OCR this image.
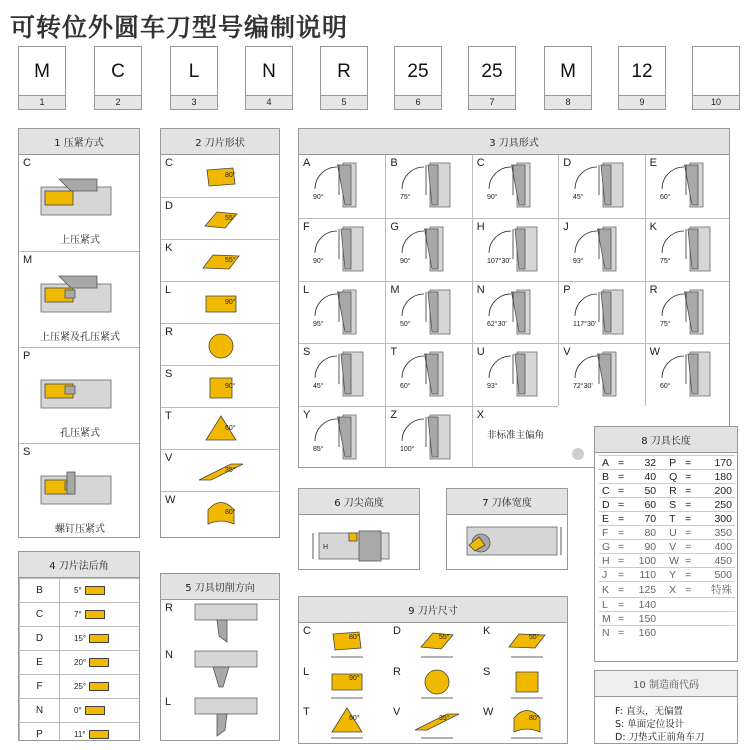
可转位外圆车刀型号编制说明
M
1
C
2
L
3
N
4
R
5
25
6
25
7
M
8
12
9	10
1 压紧方式
C
上压紧式
M
上压紧及孔压紧式
P
孔压紧式
S
螺钉压紧式
2 刀片形状
C
80°
D
55°
K
55°
L
90°
R
S
90°
T
60°
V
35°
W
80°
3 刀具形式
A
90°
B
75°
C
90°
D
45°
E
60°
F
90°
G
90°
H
107°30'
J
93°
K
75°
L
95°
M
50°
N
62°30'
P
117°30'
R
75°
S
45°
T
60°
U
93°
V
72°30'
W
60°
Y
85°
Z
100°
X
非标准主偏角
4 刀片法后角
B	5°
C	7°
D	15°
E	20°
F	25°
N	0°
P	11°
5 刀具切削方向
R
N
L
6 刀尖高度
H
7 刀体宽度
8 刀具长度
A	=	32	P	=	170
B	=	40	Q	=	180
C	=	50	R	=	200
D	=	60	S	=	250
E	=	70	T	=	300
F	=	80	U	=	350
G	=	90	V	=	400
H	=	100	W	=	450
J	=	110	Y	=	500
K	=	125	X	=	特殊
L	=	140			
M	=	150			
N	=	160			
9 刀片尺寸
C
80°
D
55°
K
55°
L
90°
R	S
T
60°
V
35°
W
80°
10 制造商代码
F: 直头，无偏置
S: 单面定位设计
D: 刀垫式正前角车刀
